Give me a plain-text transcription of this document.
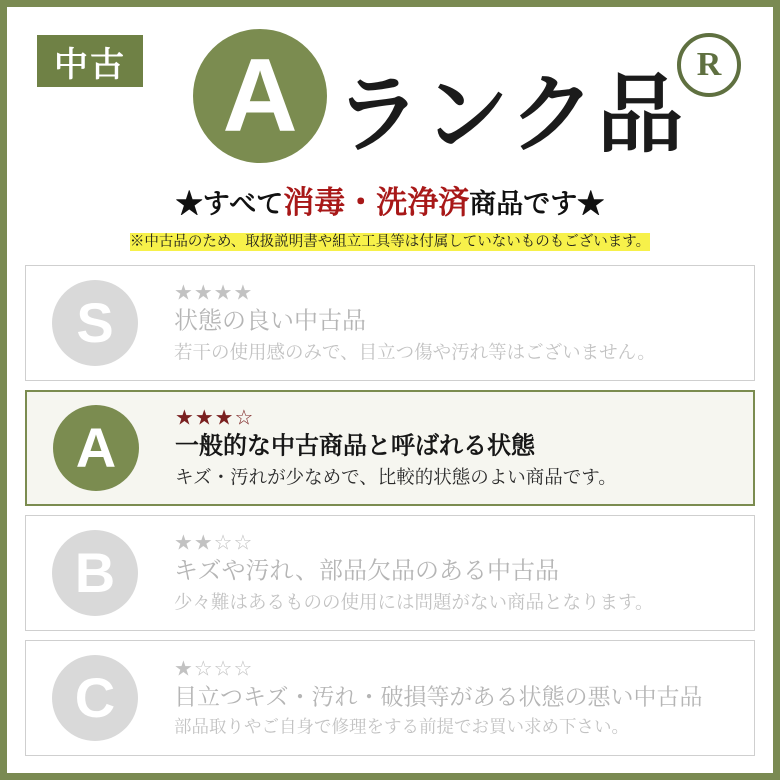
中古 A ランク品
R
★すべて消毒・洗浄済商品です★
※中古品のため、取扱説明書や組立工具等は付属していないものもございます。
S	★★★★
状態の良い中古品
若干の使用感のみで、目立つ傷や汚れ等はございません。
A	★★★☆
一般的な中古商品と呼ばれる状態
キズ・汚れが少なめで、比較的状態のよい商品です。
B	★★☆☆
キズや汚れ、部品欠品のある中古品
少々難はあるものの使用には問題がない商品となります。
C	★☆☆☆
目立つキズ・汚れ・破損等がある状態の悪い中古品
部品取りやご自身で修理をする前提でお買い求め下さい。
